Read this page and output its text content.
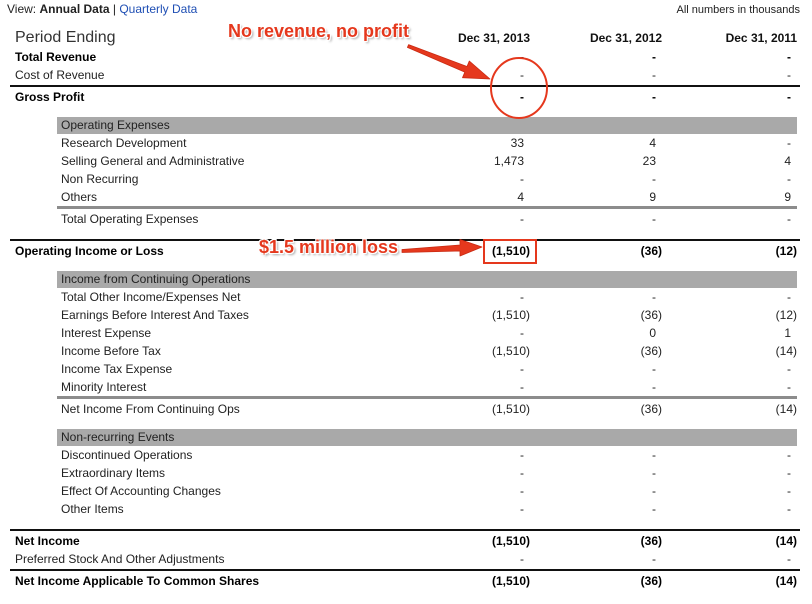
View: Annual Data | Quarterly Data	All numbers in thousands
Period Ending	Dec 31, 2013	Dec 31, 2012	Dec 31, 2011
Total Revenue	-	-	-
Cost of Revenue	-	-	-
Gross Profit	-	-	-
Operating Expenses
Research Development	33	4	-
Selling General and Administrative	1,473	23	4
Non Recurring	-	-	-
Others	4	9	9
Total Operating Expenses	-	-	-
Operating Income or Loss	(1,510)	(36)	(12)
Income from Continuing Operations
Total Other Income/Expenses Net	-	-	-
Earnings Before Interest And Taxes	(1,510)	(36)	(12)
Interest Expense	-	0	1
Income Before Tax	(1,510)	(36)	(14)
Income Tax Expense	-	-	-
Minority Interest	-	-	-
Net Income From Continuing Ops	(1,510)	(36)	(14)
Non-recurring Events
Discontinued Operations	-	-	-
Extraordinary Items	-	-	-
Effect Of Accounting Changes	-	-	-
Other Items	-	-	-
Net Income	(1,510)	(36)	(14)
Preferred Stock And Other Adjustments	-	-	-
Net Income Applicable To Common Shares	(1,510)	(36)	(14)
No revenue, no profit
$1.5 million loss
